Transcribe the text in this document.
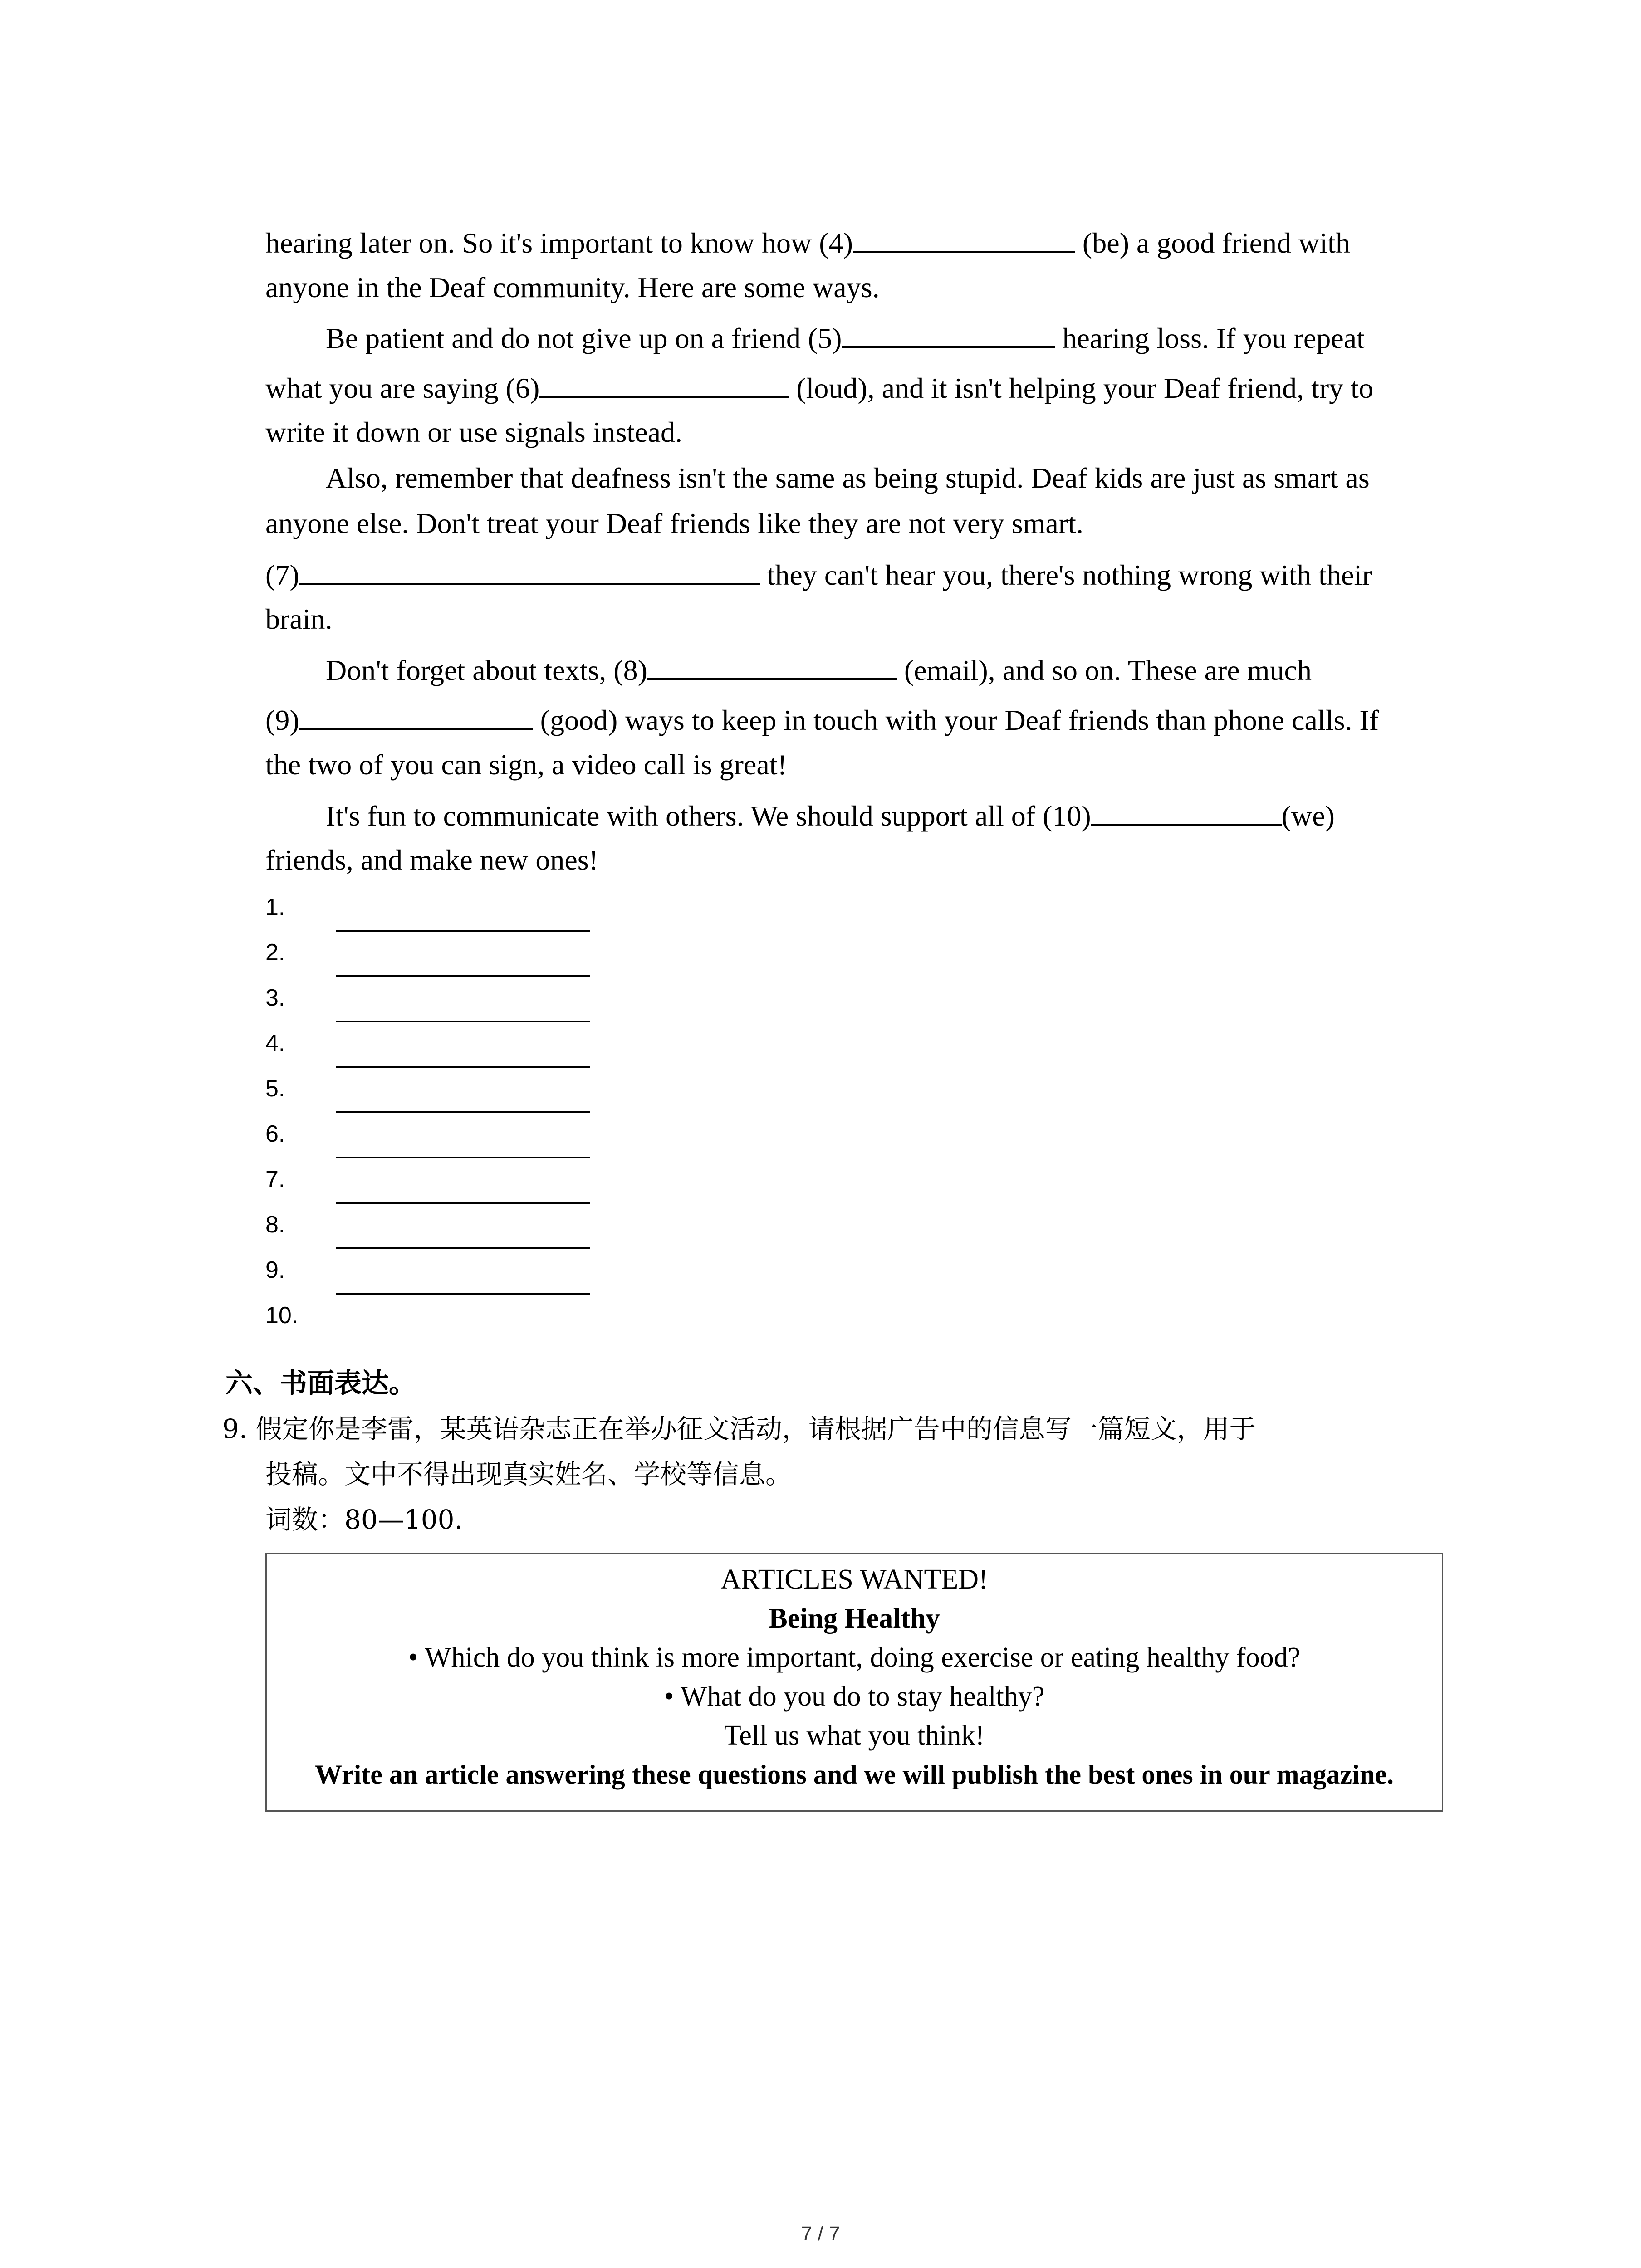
hearing later on. So it's important to know how (4)	(be) a good friend with
anyone in the Deaf community. Here are some ways.
Be patient and do not give up on a friend (5)	hearing loss. If you repeat
what you are saying (6)	(loud), and it isn't helping your Deaf friend, try to
write it down or use signals instead.
Also, remember that deafness isn't the same as being stupid. Deaf kids are just as smart as
anyone else. Don't treat your Deaf friends like they are not very smart.
(7)	they can't hear you, there's nothing wrong with their
brain.
Don't forget about texts, (8)	(email), and so on. These are much
(9)	(good) ways to keep in touch with your Deaf friends than phone calls. If
the two of you can sign, a video call is great!
It's fun to communicate with others. We should support all of (10)	(we)
friends, and make new ones!
1.
2.
3.
4.
5.
6.
7.
8.
9.
10.
六、书面表达。
9. 假定你是李雷，某英语杂志正在举办征文活动，请根据广告中的信息写一篇短文，用于
投稿。文中不得出现真实姓名、学校等信息。
词数：80—100.
ARTICLES WANTED!
Being Healthy
• Which do you think is more important, doing exercise or eating healthy food?
• What do you do to stay healthy?
Tell us what you think!
Write an article answering these questions and we will publish the best ones in our magazine.
7 / 7
